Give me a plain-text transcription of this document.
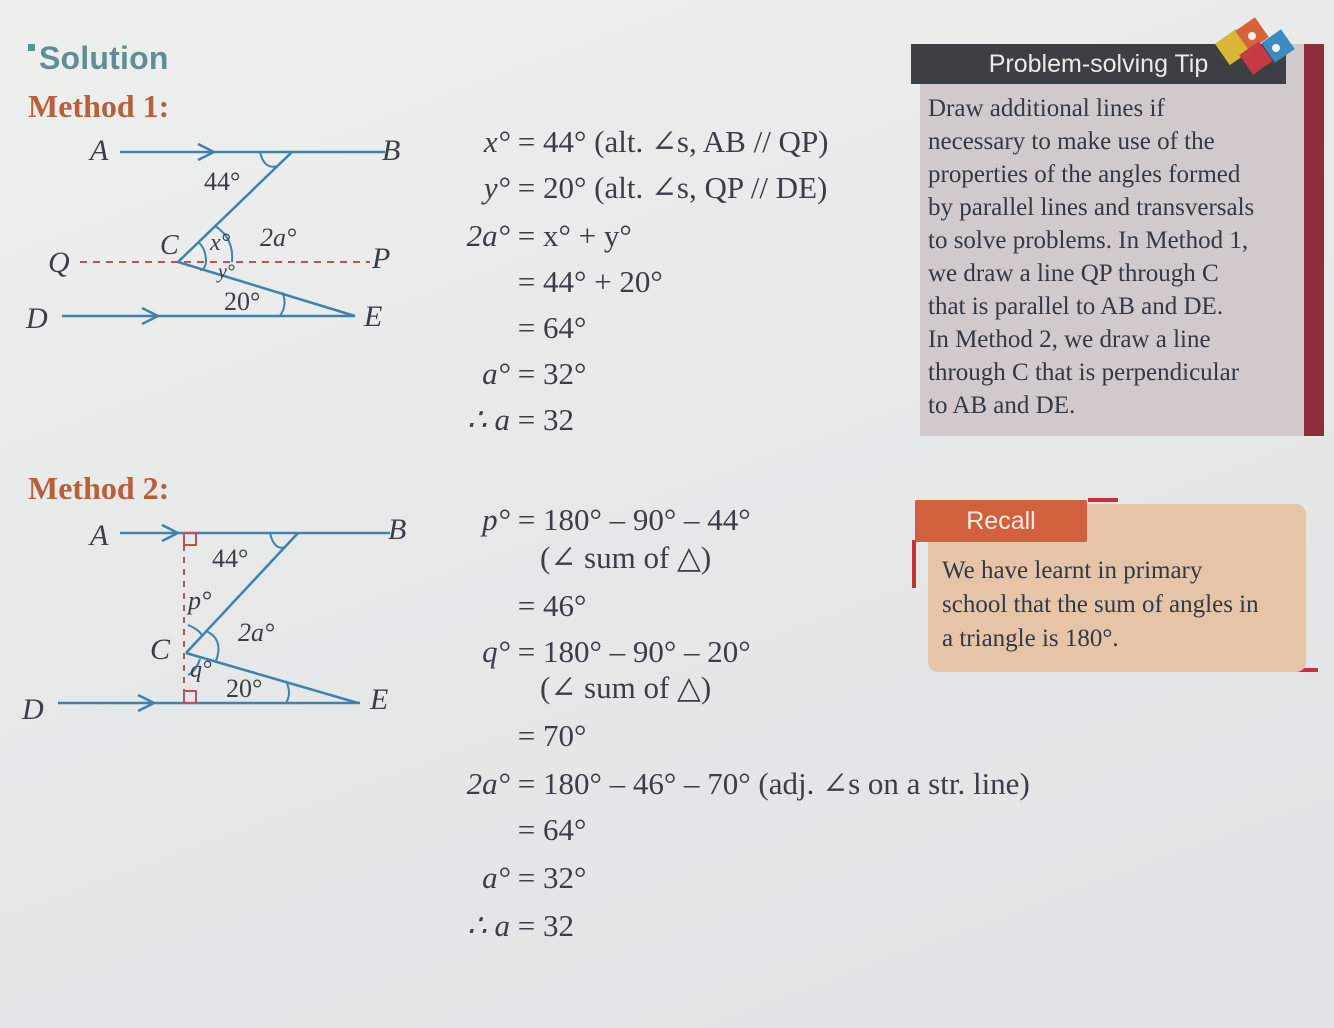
Solution
Method 1:
A	B
Q	P
D	E
C
44°
x°
y°
2a°
20°
x° = 44° (alt. ∠s, AB // QP)
y° = 20° (alt. ∠s, QP // DE)
2a° = x° + y°
= 44° + 20°
= 64°
a° = 32°
∴ a = 32
Method 2:
A	B
C
D	E
44°
p°
2a°
q°
20°
p° = 180° – 90° – 44°
(∠ sum of △)
= 46°
q° = 180° – 90° – 20°
(∠ sum of △)
= 70°
2a° = 180° – 46° – 70° (adj. ∠s on a str. line)
= 64°
a° = 32°
∴ a = 32
Problem-solving Tip
Draw additional lines if
necessary to make use of the
properties of the angles formed
by parallel lines and transversals
to solve problems. In Method 1,
we draw a line QP through C
that is parallel to AB and DE.
In Method 2, we draw a line
through C that is perpendicular
to AB and DE.
Recall
We have learnt in primary
school that the sum of angles in
a triangle is 180°.
